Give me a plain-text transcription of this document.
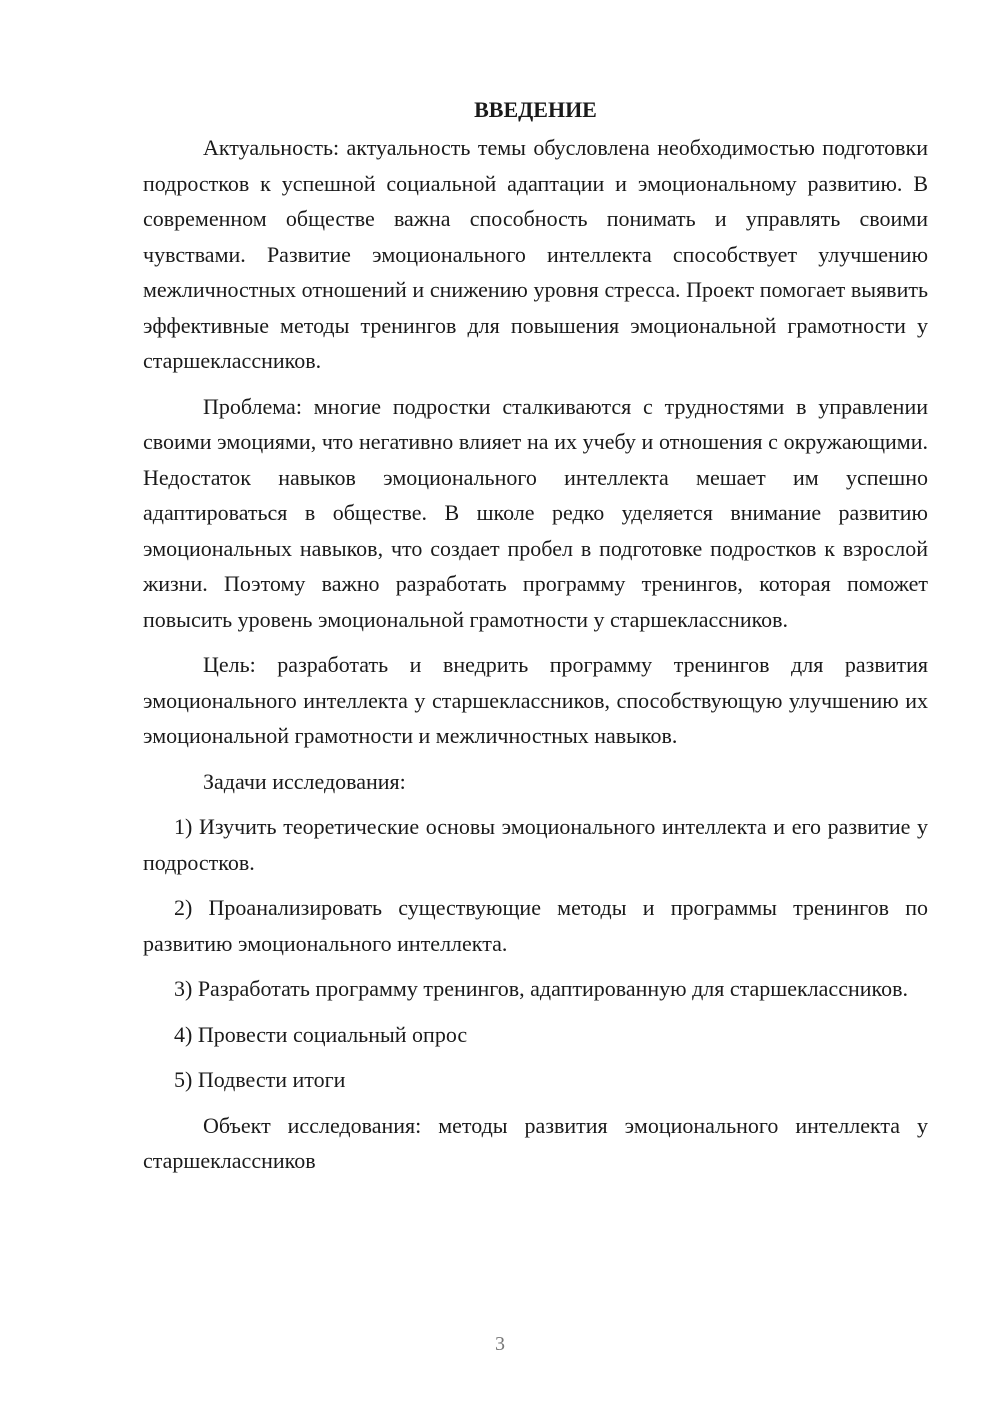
ВВЕДЕНИЕ

Актуальность: актуальность темы обусловлена необходимостью подготовки подростков к успешной социальной адаптации и эмоциональному развитию. В современном обществе важна способность понимать и управлять своими чувствами. Развитие эмоционального интеллекта способствует улучшению межличностных отношений и снижению уровня стресса. Проект помогает выявить эффективные методы тренингов для повышения эмоциональной грамотности у старшеклассников.

Проблема: многие подростки сталкиваются с трудностями в управлении своими эмоциями, что негативно влияет на их учебу и отношения с окружающими. Недостаток навыков эмоционального интеллекта мешает им успешно адаптироваться в обществе. В школе редко уделяется внимание развитию эмоциональных навыков, что создает пробел в подготовке подростков к взрослой жизни. Поэтому важно разработать программу тренингов, которая поможет повысить уровень эмоциональной грамотности у старшеклассников.

Цель: разработать и внедрить программу тренингов для развития эмоционального интеллекта у старшеклассников, способствующую улучшению их эмоциональной грамотности и межличностных навыков.

Задачи исследования:

1) Изучить теоретические основы эмоционального интеллекта и его развитие у подростков.

2) Проанализировать существующие методы и программы тренингов по развитию эмоционального интеллекта.

3) Разработать программу тренингов, адаптированную для старшеклассников.

4) Провести социальный опрос

5) Подвести итоги

Объект исследования: методы развития эмоционального интеллекта у старшеклассников

3
